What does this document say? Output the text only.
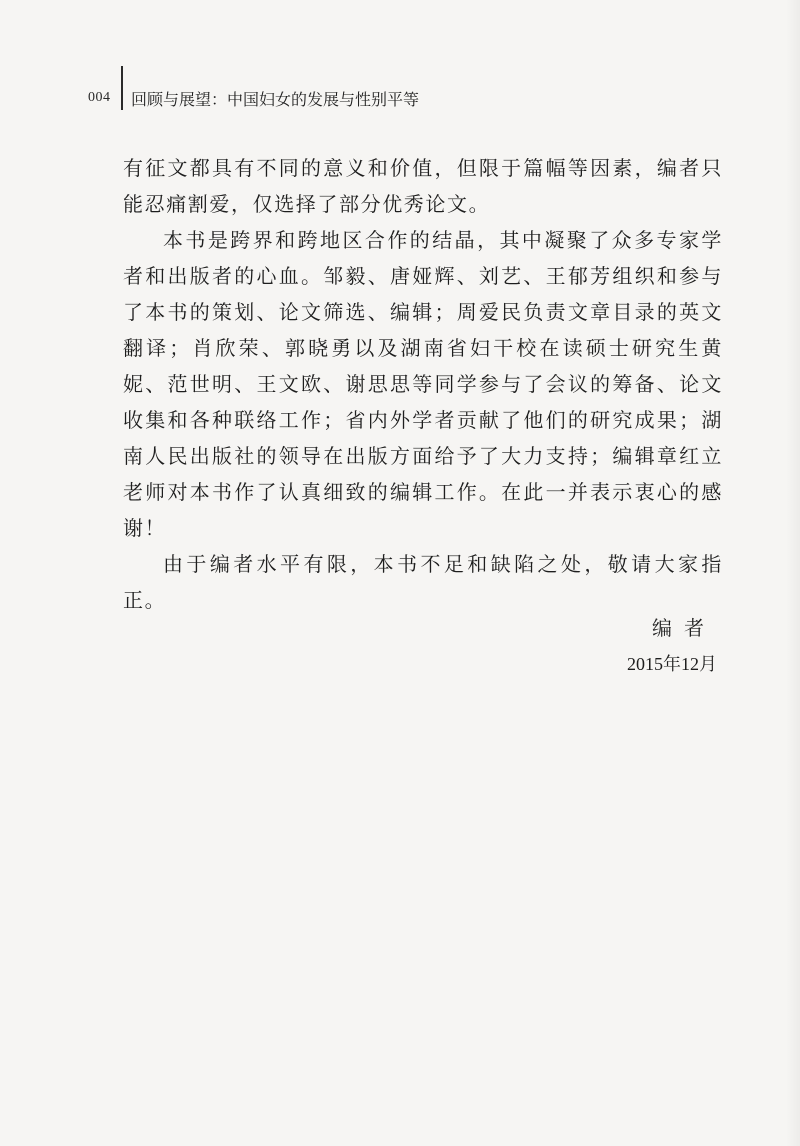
004 回顾与展望：中国妇女的发展与性别平等

有征文都具有不同的意义和价值，但限于篇幅等因素，编者只能忍痛割爱，仅选择了部分优秀论文。

本书是跨界和跨地区合作的结晶，其中凝聚了众多专家学者和出版者的心血。邹毅、唐娅辉、刘艺、王郁芳组织和参与了本书的策划、论文筛选、编辑；周爱民负责文章目录的英文翻译；肖欣荣、郭晓勇以及湖南省妇干校在读硕士研究生黄妮、范世明、王文欧、谢思思等同学参与了会议的筹备、论文收集和各种联络工作；省内外学者贡献了他们的研究成果；湖南人民出版社的领导在出版方面给予了大力支持；编辑章红立老师对本书作了认真细致的编辑工作。在此一并表示衷心的感谢！

由于编者水平有限，本书不足和缺陷之处，敬请大家指正。

编者
2015年12月
